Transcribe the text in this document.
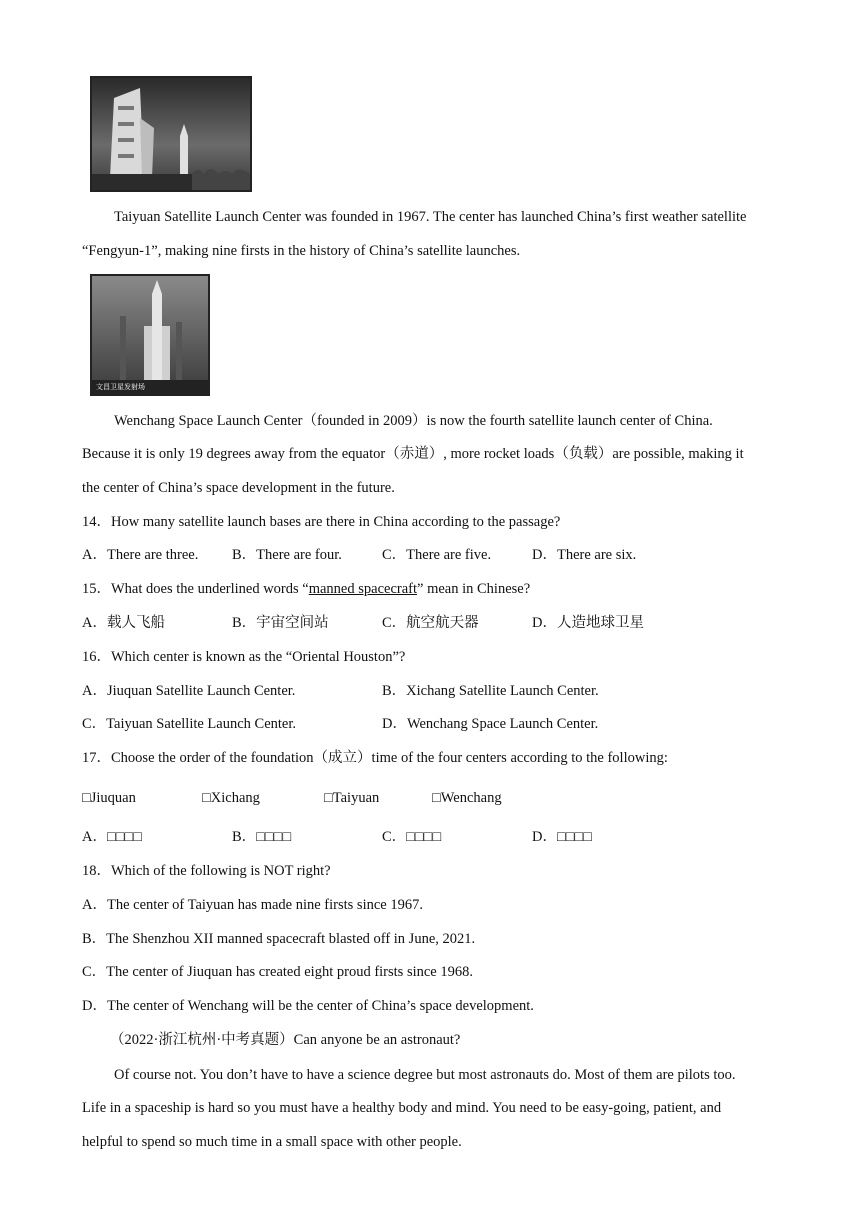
Taiyuan Satellite Launch Center was founded in 1967. The center has launched China’s first weather satellite
“Fengyun-1”, making nine firsts in the history of China’s satellite launches.
文昌卫星发射场
Wenchang Space Launch Center（founded in 2009）is now the fourth satellite launch center of China.
Because it is only 19 degrees away from the equator（赤道）, more rocket loads（负载）are possible, making it
the center of China’s space development in the future.
14．How many satellite launch bases are there in China according to the passage?
A．There are three. B．There are four.	C．There are five.	D．There are six.
15．What does the underlined words “manned spacecraft” mean in Chinese?
A．载人飞船	B．宇宙空间站	C．航空航天器	D．人造地球卫星
16．Which center is known as the “Oriental Houston”?
A．Jiuquan Satellite Launch Center.	B．Xichang Satellite Launch Center.
C．Taiyuan Satellite Launch Center.	D．Wenchang Space Launch Center.
17．Choose the order of the foundation（成立）time of the four centers according to the following:
□Jiuquan	□Xichang	□Taiyuan	□Wenchang
A．□□□□	B．□□□□	C．□□□□	D．□□□□
18．Which of the following is NOT right?
A．The center of Taiyuan has made nine firsts since 1967.
B．The Shenzhou XII manned spacecraft blasted off in June, 2021.
C．The center of Jiuquan has created eight proud firsts since 1968.
D．The center of Wenchang will be the center of China’s space development.
（2022·浙江杭州·中考真题）Can anyone be an astronaut?
Of course not. You don’t have to have a science degree but most astronauts do. Most of them are pilots too.
Life in a spaceship is hard so you must have a healthy body and mind. You need to be easy-going, patient, and
helpful to spend so much time in a small space with other people.
